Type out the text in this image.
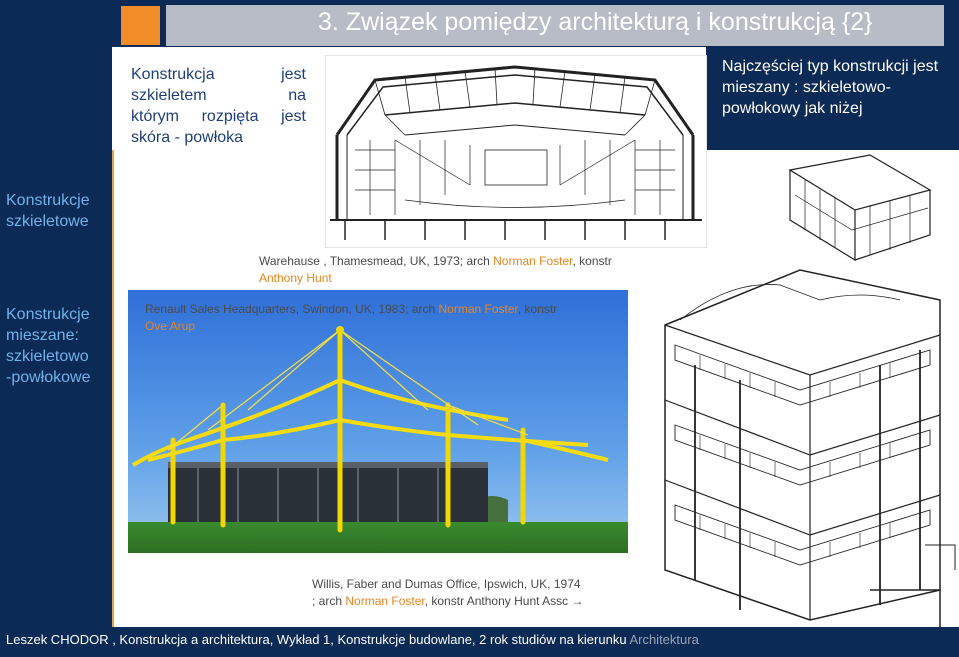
3. Związek pomiędzy architekturą i konstrukcją {2}
Konstrukcja jest
szkieletem na
którym rozpięta jest
skóra - powłoka
Najczęściej typ konstrukcji jest mieszany : szkieletowo-powłokowy jak niżej
Konstrukcje
szkieletowe
Konstrukcje
mieszane:
szkieletowo
-powłokowe
Warehause , Thamesmead, UK, 1973; arch Norman Foster, konstr Anthony Hunt
Renault Sales Headquarters, Swindon, UK, 1983; arch Norman Foster, konstr
Ove Arup
Willis, Faber and Dumas Office, Ipswich, UK, 1974
; arch Norman Foster, konstr Anthony Hunt Assc →
Leszek CHODOR , Konstrukcja a architektura, Wykład 1, Konstrukcje budowlane, 2 rok studiów na kierunku Architektura
